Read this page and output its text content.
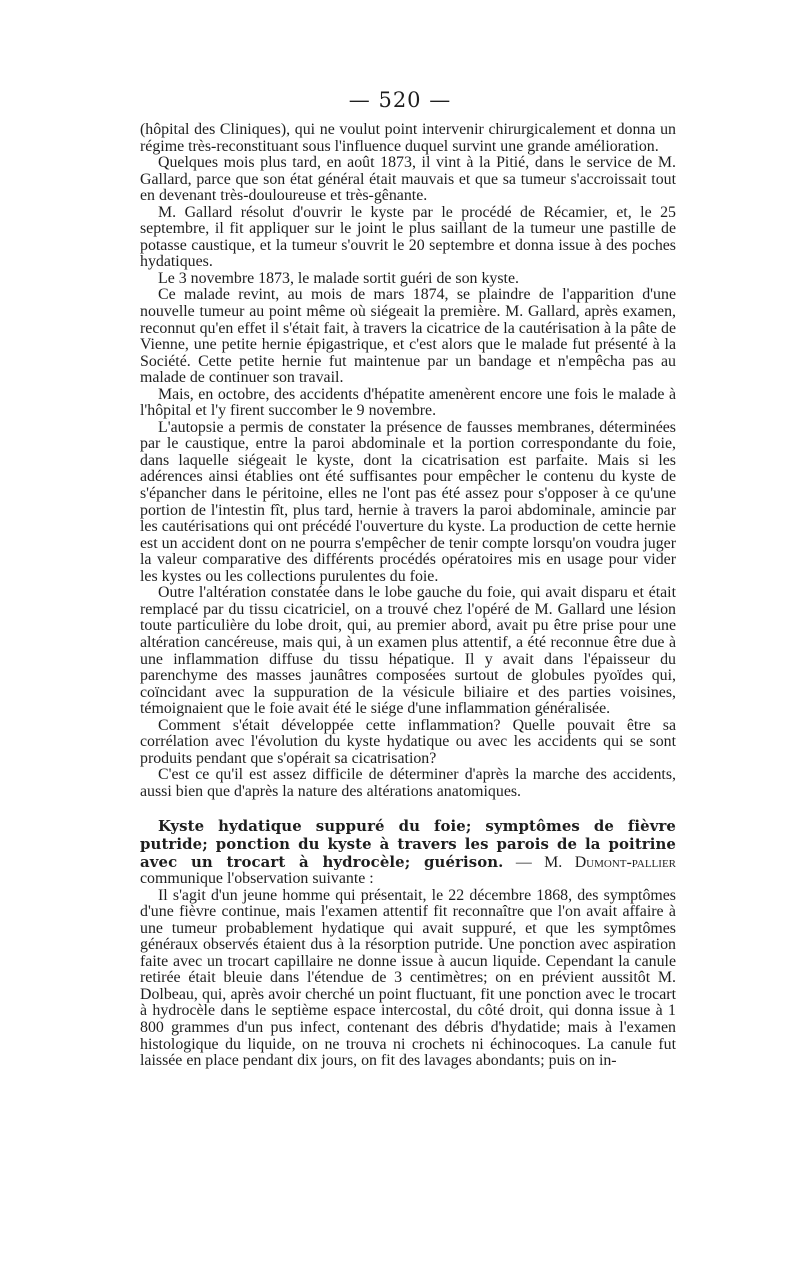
— 520 —

(hôpital des Cliniques), qui ne voulut point intervenir chirurgicalement et donna un régime très-reconstituant sous l'influence duquel survint une grande amélioration.

Quelques mois plus tard, en août 1873, il vint à la Pitié, dans le service de M. Gallard, parce que son état général était mauvais et que sa tumeur s'accroissait tout en devenant très-douloureuse et très-gênante.

M. Gallard résolut d'ouvrir le kyste par le procédé de Récamier, et, le 25 septembre, il fit appliquer sur le joint le plus saillant de la tumeur une pastille de potasse caustique, et la tumeur s'ouvrit le 20 septembre et donna issue à des poches hydatiques.

Le 3 novembre 1873, le malade sortit guéri de son kyste.

Ce malade revint, au mois de mars 1874, se plaindre de l'apparition d'une nouvelle tumeur au point même où siégeait la première. M. Gallard, après examen, reconnut qu'en effet il s'était fait, à travers la cicatrice de la cautérisation à la pâte de Vienne, une petite hernie épigastrique, et c'est alors que le malade fut présenté à la Société. Cette petite hernie fut maintenue par un bandage et n'empêcha pas au malade de continuer son travail.

Mais, en octobre, des accidents d'hépatite amenèrent encore une fois le malade à l'hôpital et l'y firent succomber le 9 novembre.

L'autopsie a permis de constater la présence de fausses membranes, déterminées par le caustique, entre la paroi abdominale et la portion correspondante du foie, dans laquelle siégeait le kyste, dont la cicatrisation est parfaite. Mais si les adérences ainsi établies ont été suffisantes pour empêcher le contenu du kyste de s'épancher dans le péritoine, elles ne l'ont pas été assez pour s'opposer à ce qu'une portion de l'intestin fît, plus tard, hernie à travers la paroi abdominale, amincie par les cautérisations qui ont précédé l'ouverture du kyste. La production de cette hernie est un accident dont on ne pourra s'empêcher de tenir compte lorsqu'on voudra juger la valeur comparative des différents procédés opératoires mis en usage pour vider les kystes ou les collections purulentes du foie.

Outre l'altération constatée dans le lobe gauche du foie, qui avait disparu et était remplacé par du tissu cicatriciel, on a trouvé chez l'opéré de M. Gallard une lésion toute particulière du lobe droit, qui, au premier abord, avait pu être prise pour une altération cancéreuse, mais qui, à un examen plus attentif, a été reconnue être due à une inflammation diffuse du tissu hépatique. Il y avait dans l'épaisseur du parenchyme des masses jaunâtres composées surtout de globules pyoïdes qui, coïncidant avec la suppuration de la vésicule biliaire et des parties voisines, témoignaient que le foie avait été le siége d'une inflammation généralisée.

Comment s'était développée cette inflammation? Quelle pouvait être sa corrélation avec l'évolution du kyste hydatique ou avec les accidents qui se sont produits pendant que s'opérait sa cicatrisation?

C'est ce qu'il est assez difficile de déterminer d'après la marche des accidents, aussi bien que d'après la nature des altérations anatomiques.

Kyste hydatique suppuré du foie; symptômes de fièvre putride; ponction du kyste à travers les parois de la poitrine avec un trocart à hydrocèle; guérison. — M. Dumont-pallier communique l'observation suivante :

Il s'agit d'un jeune homme qui présentait, le 22 décembre 1868, des symptômes d'une fièvre continue, mais l'examen attentif fit reconnaître que l'on avait affaire à une tumeur probablement hydatique qui avait suppuré, et que les symptômes généraux observés étaient dus à la résorption putride. Une ponction avec aspiration faite avec un trocart capillaire ne donne issue à aucun liquide. Cependant la canule retirée était bleuie dans l'étendue de 3 centimètres; on en prévient aussitôt M. Dolbeau, qui, après avoir cherché un point fluctuant, fit une ponction avec le trocart à hydrocèle dans le septième espace intercostal, du côté droit, qui donna issue à 1 800 grammes d'un pus infect, contenant des débris d'hydatide; mais à l'examen histologique du liquide, on ne trouva ni crochets ni échinocoques. La canule fut laissée en place pendant dix jours, on fit des lavages abondants; puis on in-
